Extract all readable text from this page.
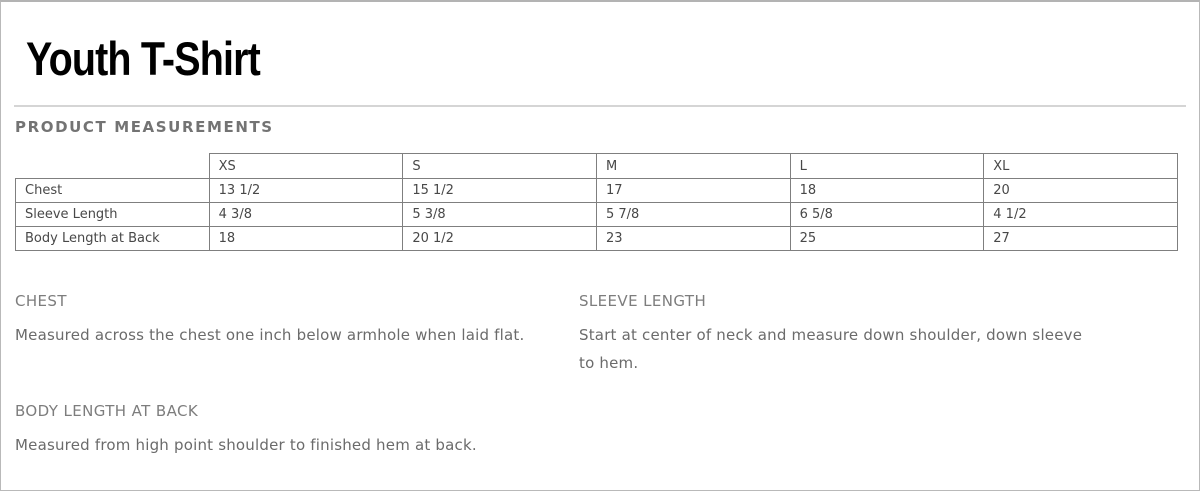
Youth T-Shirt
PRODUCT MEASUREMENTS
	XS	S	M	L	XL
Chest	13 1/2	15 1/2	17	18	20
Sleeve Length	4 3/8	5 3/8	5 7/8	6 5/8	4 1/2
Body Length at Back	18	20 1/2	23	25	27
CHEST
Measured across the chest one inch below armhole when laid flat.
SLEEVE LENGTH
Start at center of neck and measure down shoulder, down sleeve to hem.
BODY LENGTH AT BACK
Measured from high point shoulder to finished hem at back.
